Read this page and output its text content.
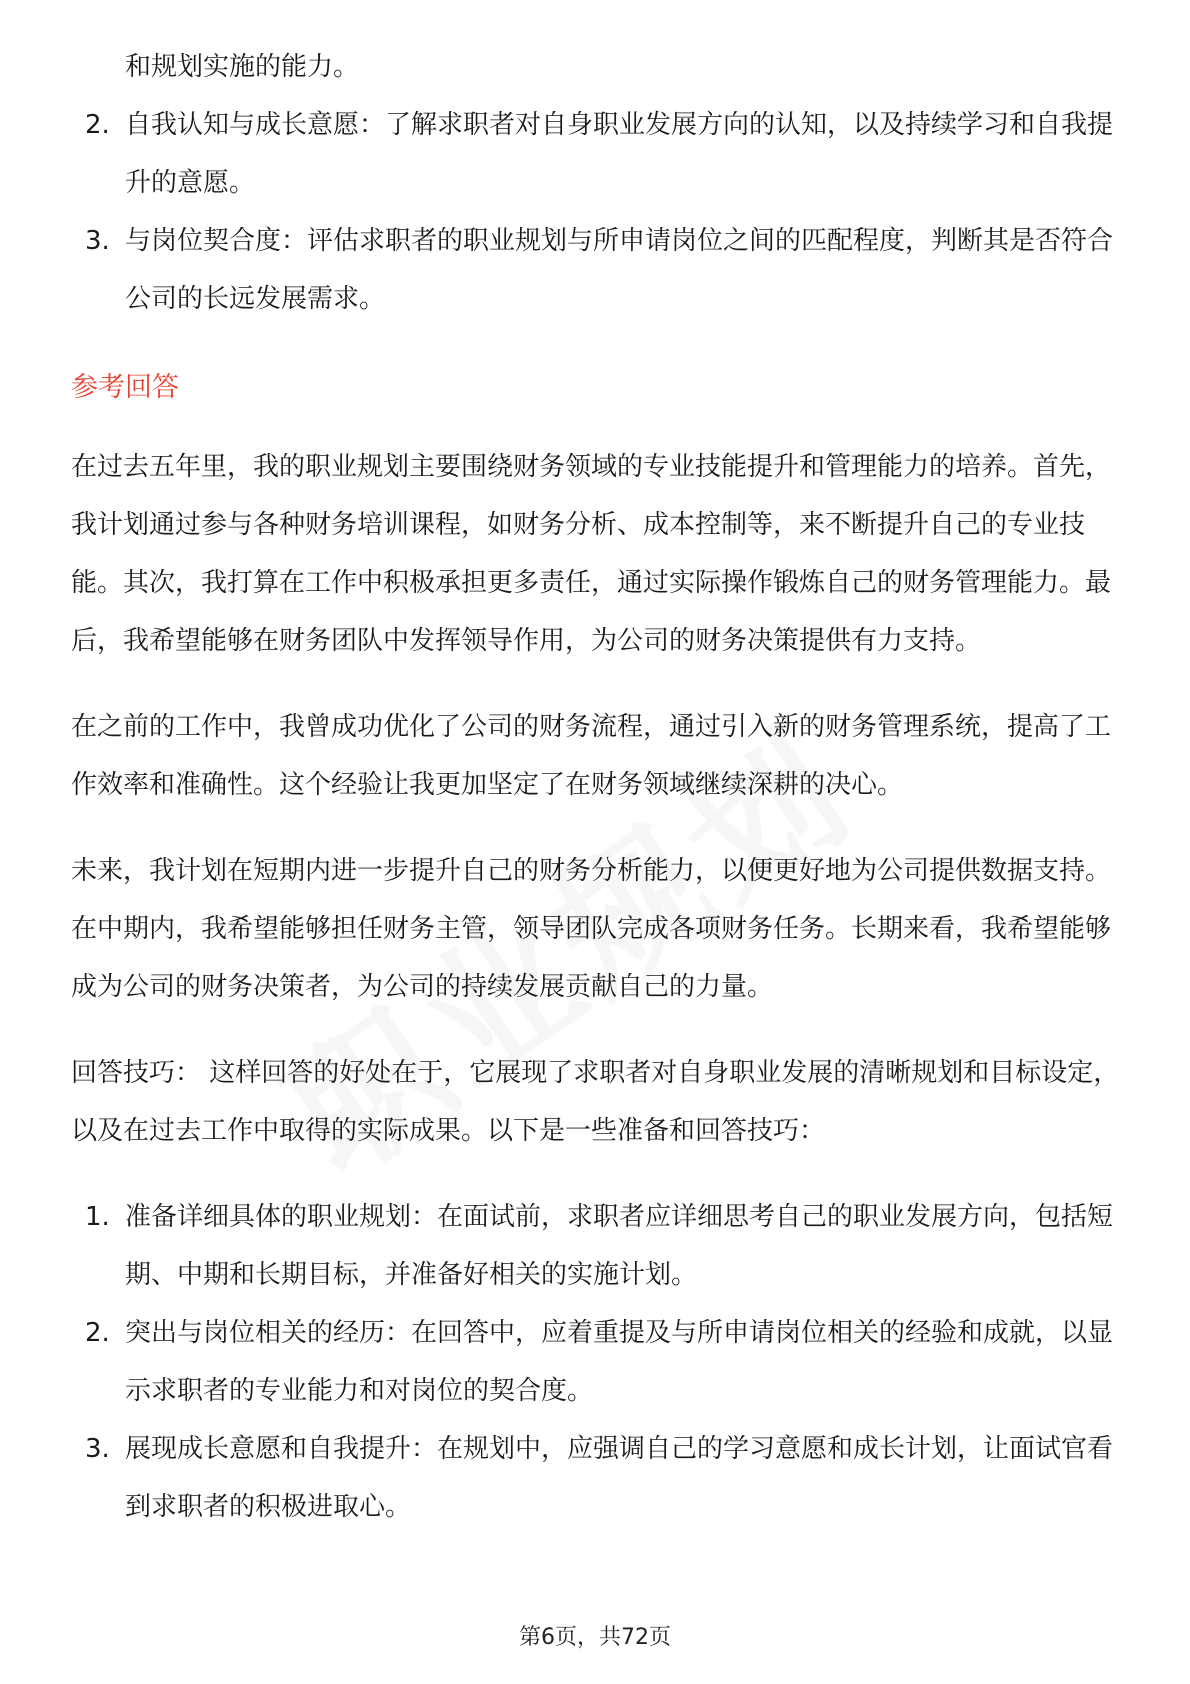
和规划实施的能力。
2. 自我认知与成长意愿：了解求职者对自身职业发展方向的认知，以及持续学习和自我提升的意愿。
3. 与岗位契合度：评估求职者的职业规划与所申请岗位之间的匹配程度，判断其是否符合公司的长远发展需求。
参考回答

在过去五年里，我的职业规划主要围绕财务领域的专业技能提升和管理能力的培养。首先，我计划通过参与各种财务培训课程，如财务分析、成本控制等，来不断提升自己的专业技能。其次，我打算在工作中积极承担更多责任，通过实际操作锻炼自己的财务管理能力。最后，我希望能够在财务团队中发挥领导作用，为公司的财务决策提供有力支持。

在之前的工作中，我曾成功优化了公司的财务流程，通过引入新的财务管理系统，提高了工作效率和准确性。这个经验让我更加坚定了在财务领域继续深耕的决心。

未来，我计划在短期内进一步提升自己的财务分析能力，以便更好地为公司提供数据支持。在中期内，我希望能够担任财务主管，领导团队完成各项财务任务。长期来看，我希望能够成为公司的财务决策者，为公司的持续发展贡献自己的力量。

回答技巧： 这样回答的好处在于，它展现了求职者对自身职业发展的清晰规划和目标设定，以及在过去工作中取得的实际成果。以下是一些准备和回答技巧：

1. 准备详细具体的职业规划：在面试前，求职者应详细思考自己的职业发展方向，包括短期、中期和长期目标，并准备好相关的实施计划。
2. 突出与岗位相关的经历：在回答中，应着重提及与所申请岗位相关的经验和成就，以显示求职者的专业能力和对岗位的契合度。
3. 展现成长意愿和自我提升：在规划中，应强调自己的学习意愿和成长计划，让面试官看到求职者的积极进取心。
第6页，共72页
